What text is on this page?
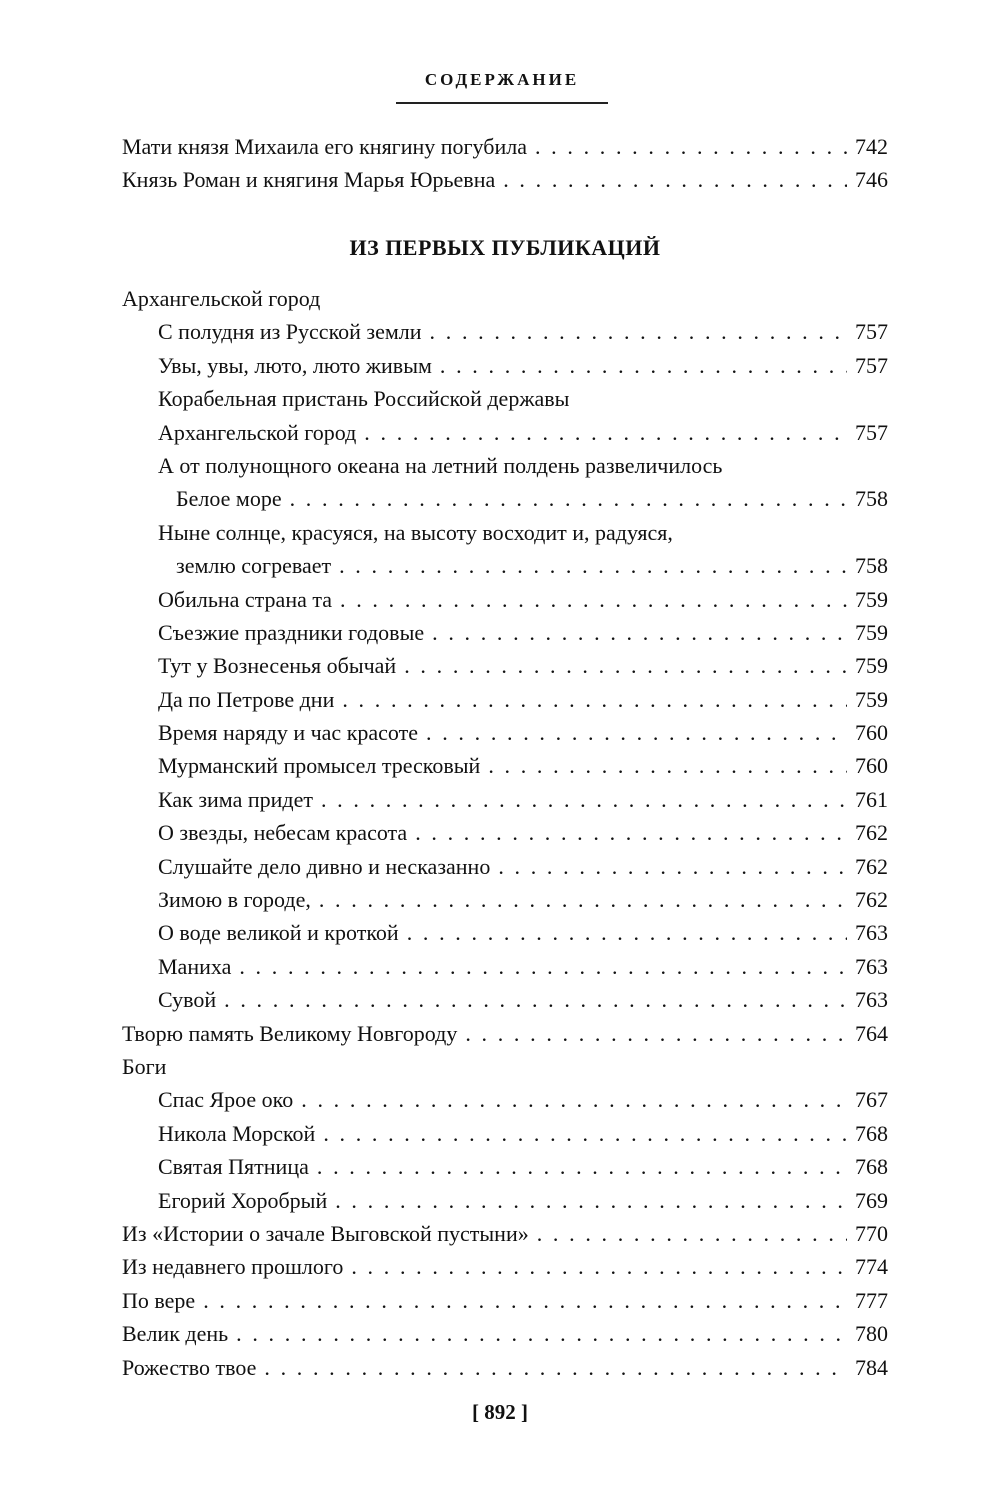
СОДЕРЖАНИЕ
Мати князя Михаила его княгину погубила . . .	742
Князь Роман и княгиня Марья Юрьевна . . .	746
ИЗ ПЕРВЫХ ПУБЛИКАЦИЙ
Архангельской город
С полудня из Русской земли . . .	757
Увы, увы, люто, люто живым . . .	757
Корабельная пристань Российской державы
Архангельской город . . .	757
А от полунощного океана на летний полдень развеличилось
Белое море . . .	758
Ныне солнце, красуяся, на высоту восходит и, радуяся,
землю согревает . . .	758
Обильна страна та . . .	759
Съезжие праздники годовые . . .	759
Тут у Вознесенья обычай . . .	759
Да по Петрове дни . . .	759
Время наряду и час красоте . . .	760
Мурманский промысел тресковый . . .	760
Как зима придет . . .	761
О звезды, небесам красота . . .	762
Слушайте дело дивно и несказанно . . .	762
Зимою в городе, . . .	762
О воде великой и кроткой . . .	763
Маниха . . .	763
Сувой . . .	763
Творю память Великому Новгороду . . .	764
Боги
Спас Ярое око . . .	767
Никола Морской . . .	768
Святая Пятница . . .	768
Егорий Хоробрый . . .	769
Из «Истории о зачале Выговской пустыни» . . .	770
Из недавнего прошлого . . .	774
По вере . . .	777
Велик день . . .	780
Рожество твое . . .	784
[ 892 ]
